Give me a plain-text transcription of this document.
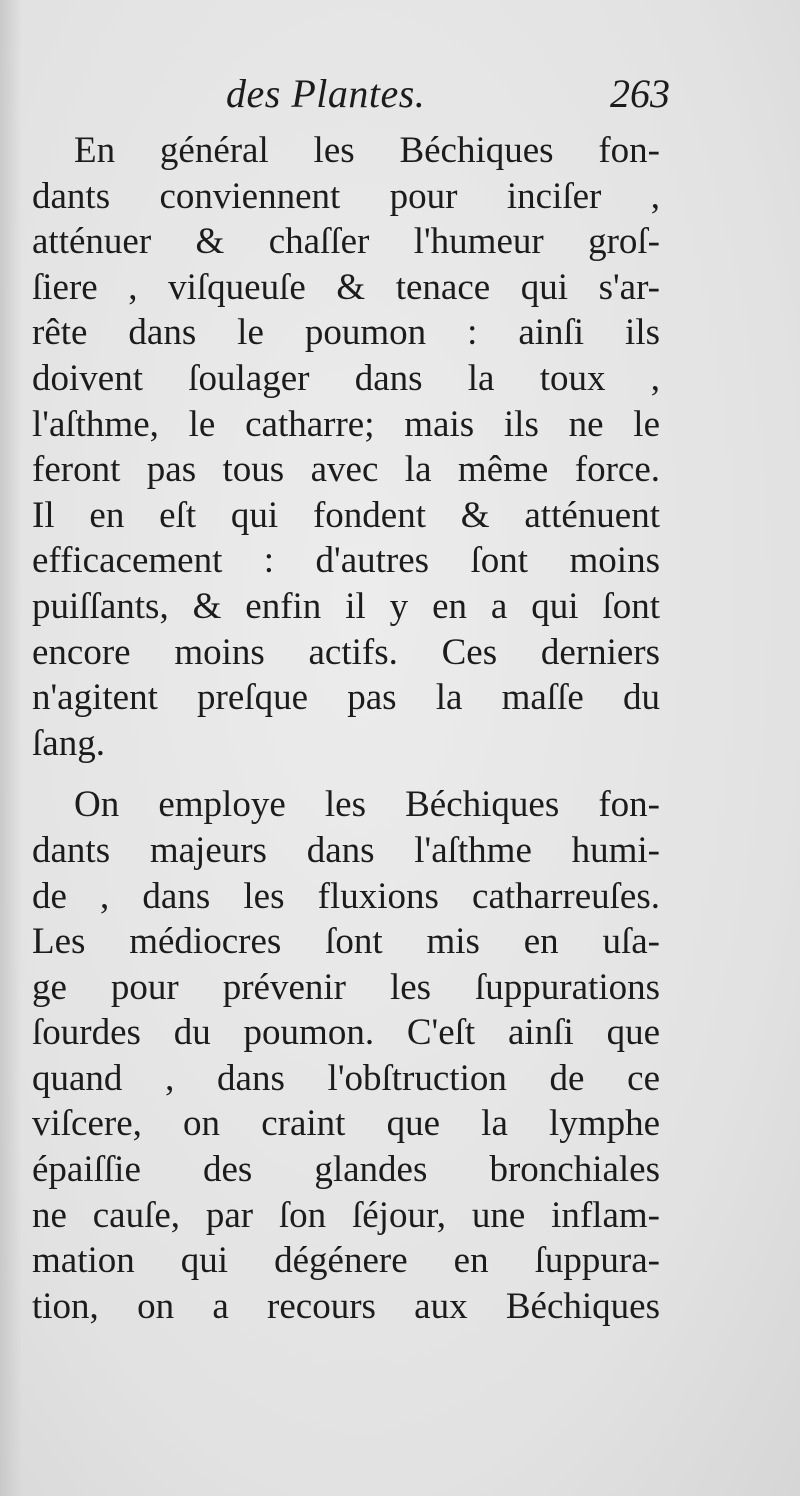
des Plantes.	263
En général les Béchiques fon-
dants conviennent pour inciſer ,
atténuer & chaſſer l'humeur groſ-
ſiere , viſqueuſe & tenace qui s'ar-
rête dans le poumon : ainſi ils
doivent ſoulager dans la toux ,
l'aſthme, le catharre; mais ils ne le
feront pas tous avec la même force.
Il en eſt qui fondent & atténuent
efficacement : d'autres ſont moins
puiſſants, & enfin il y en a qui ſont
encore moins actifs. Ces derniers
n'agitent preſque pas la maſſe du
ſang.
On employe les Béchiques fon-
dants majeurs dans l'aſthme humi-
de , dans les fluxions catharreuſes.
Les médiocres ſont mis en uſa-
ge pour prévenir les ſuppurations
ſourdes du poumon. C'eſt ainſi que
quand , dans l'obſtruction de ce
viſcere, on craint que la lymphe
épaiſſie des glandes bronchiales
ne cauſe, par ſon ſéjour, une inflam-
mation qui dégénere en ſuppura-
tion, on a recours aux Béchiques
